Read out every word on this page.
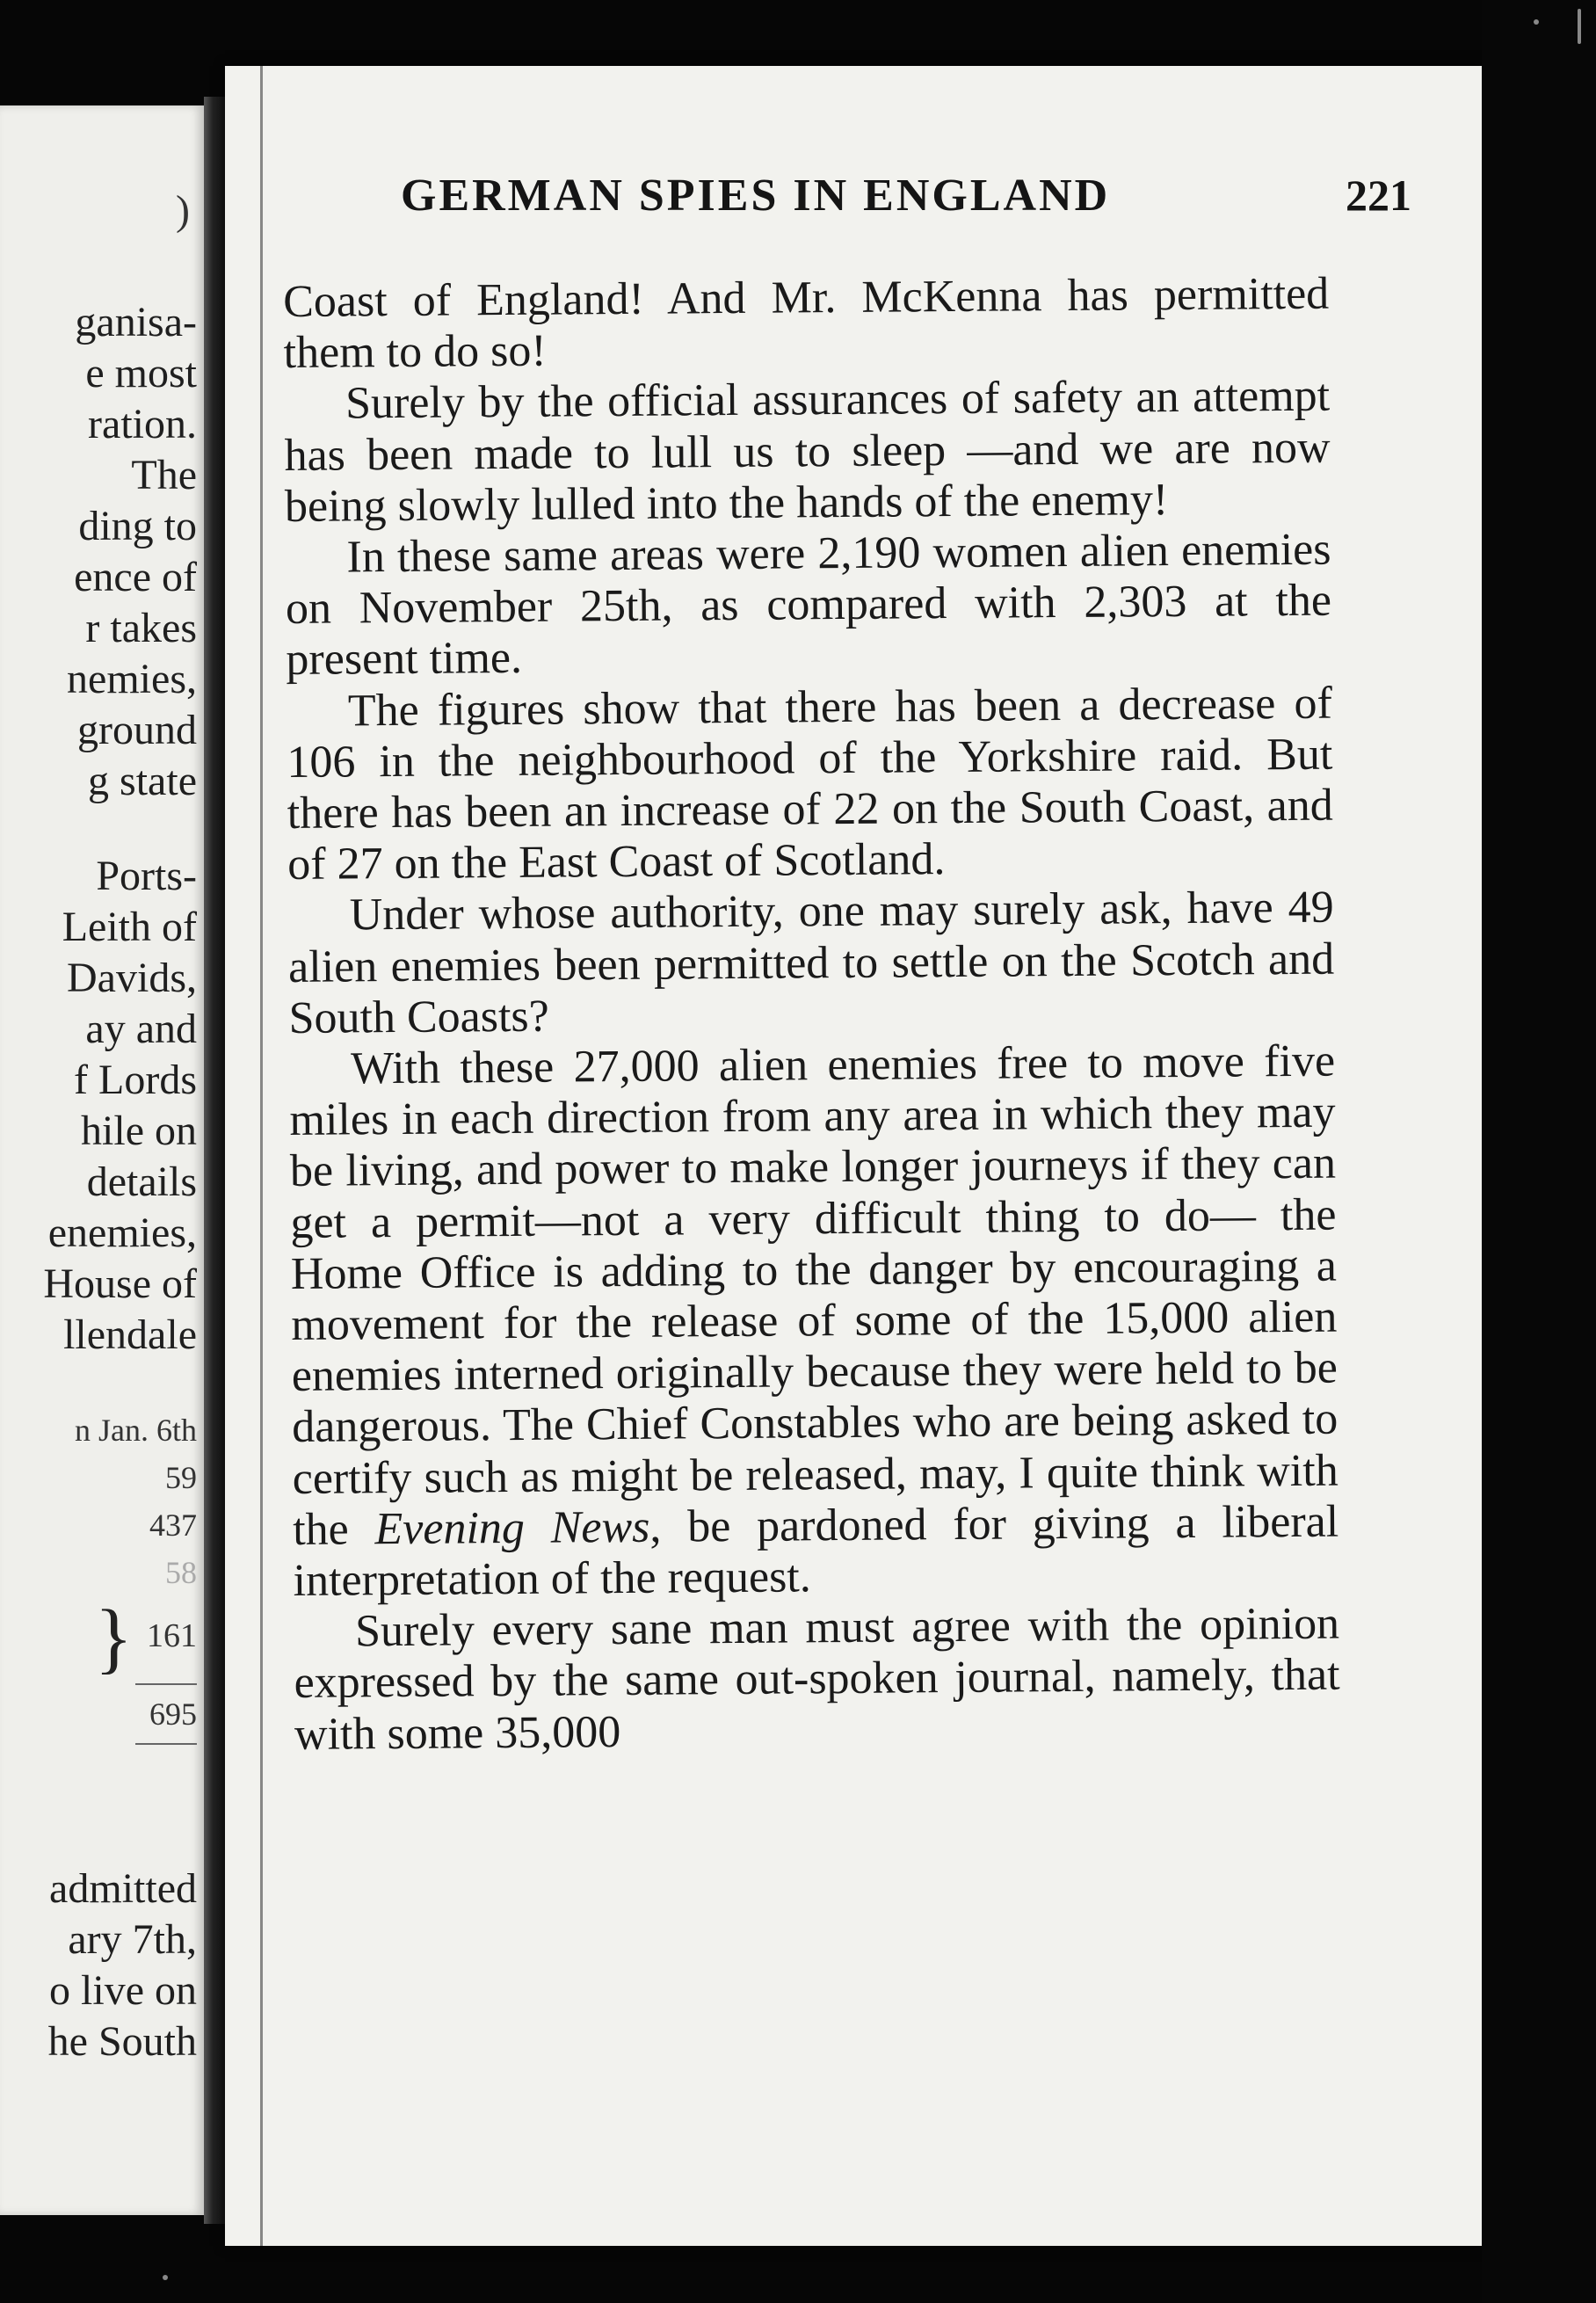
)
ganisa-
e most
ration.
The
ding to
ence of
r takes
nemies,
ground
g state
Ports-
Leith of
Davids,
ay and
f Lords
hile on
details
enemies,
House of
llendale
n Jan. 6th
59
437
58
} 161
695
admitted
ary 7th,
o live on
he South
GERMAN SPIES IN ENGLAND	221

Coast of England! And Mr. McKenna has permitted them to do so!

Surely by the official assurances of safety an attempt has been made to lull us to sleep —and we are now being slowly lulled into the hands of the enemy!

In these same areas were 2,190 women alien enemies on November 25th, as compared with 2,303 at the present time.

The figures show that there has been a decrease of 106 in the neighbourhood of the Yorkshire raid. But there has been an increase of 22 on the South Coast, and of 27 on the East Coast of Scotland.

Under whose authority, one may surely ask, have 49 alien enemies been permitted to settle on the Scotch and South Coasts?

With these 27,000 alien enemies free to move five miles in each direction from any area in which they may be living, and power to make longer journeys if they can get a permit—not a very difficult thing to do— the Home Office is adding to the danger by encouraging a movement for the release of some of the 15,000 alien enemies interned originally because they were held to be dangerous. The Chief Constables who are being asked to certify such as might be released, may, I quite think with the Evening News, be pardoned for giving a liberal interpretation of the request.

Surely every sane man must agree with the opinion expressed by the same out-spoken journal, namely, that with some 35,000
